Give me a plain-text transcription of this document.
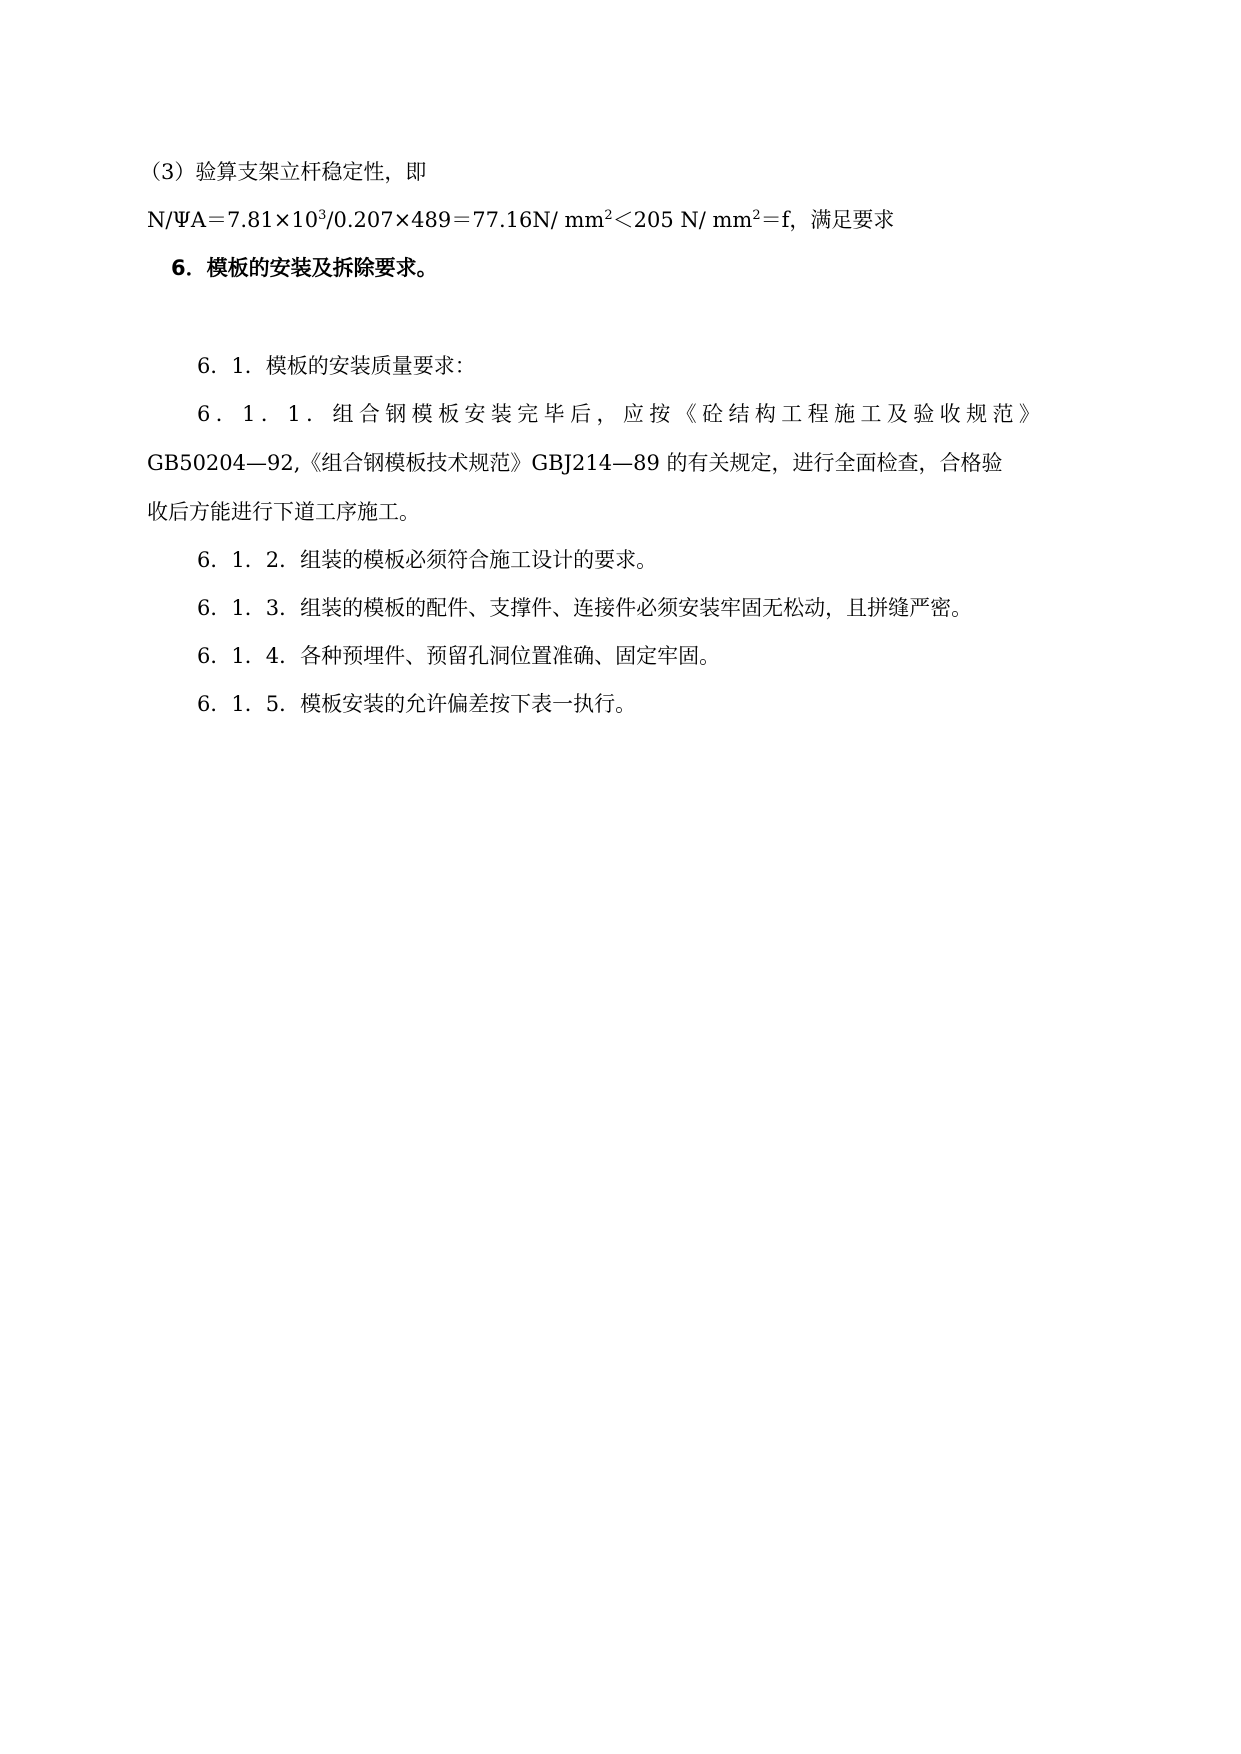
（3）验算支架立杆稳定性，即
$N/\Psi A=7.81\times 10^3/0.207\times 489=77.16N/$ $mm^2<205$ N/ $mm^2=f$，满足要求
6．模板的安装及拆除要求。
6．1．模板的安装质量要求：
6．1．1．组合钢模板安装完毕后，应按《砼结构工程施工及验收规范》
GB50204—92,《组合钢模板技术规范》GBJ214—89 的有关规定，进行全面检查，合格验
收后方能进行下道工序施工。
6．1．2．组装的模板必须符合施工设计的要求。
6．1．3．组装的模板的配件、支撑件、连接件必须安装牢固无松动，且拼缝严密。
6．1．4．各种预埋件、预留孔洞位置准确、固定牢固。
6．1．5．模板安装的允许偏差按下表一执行。
